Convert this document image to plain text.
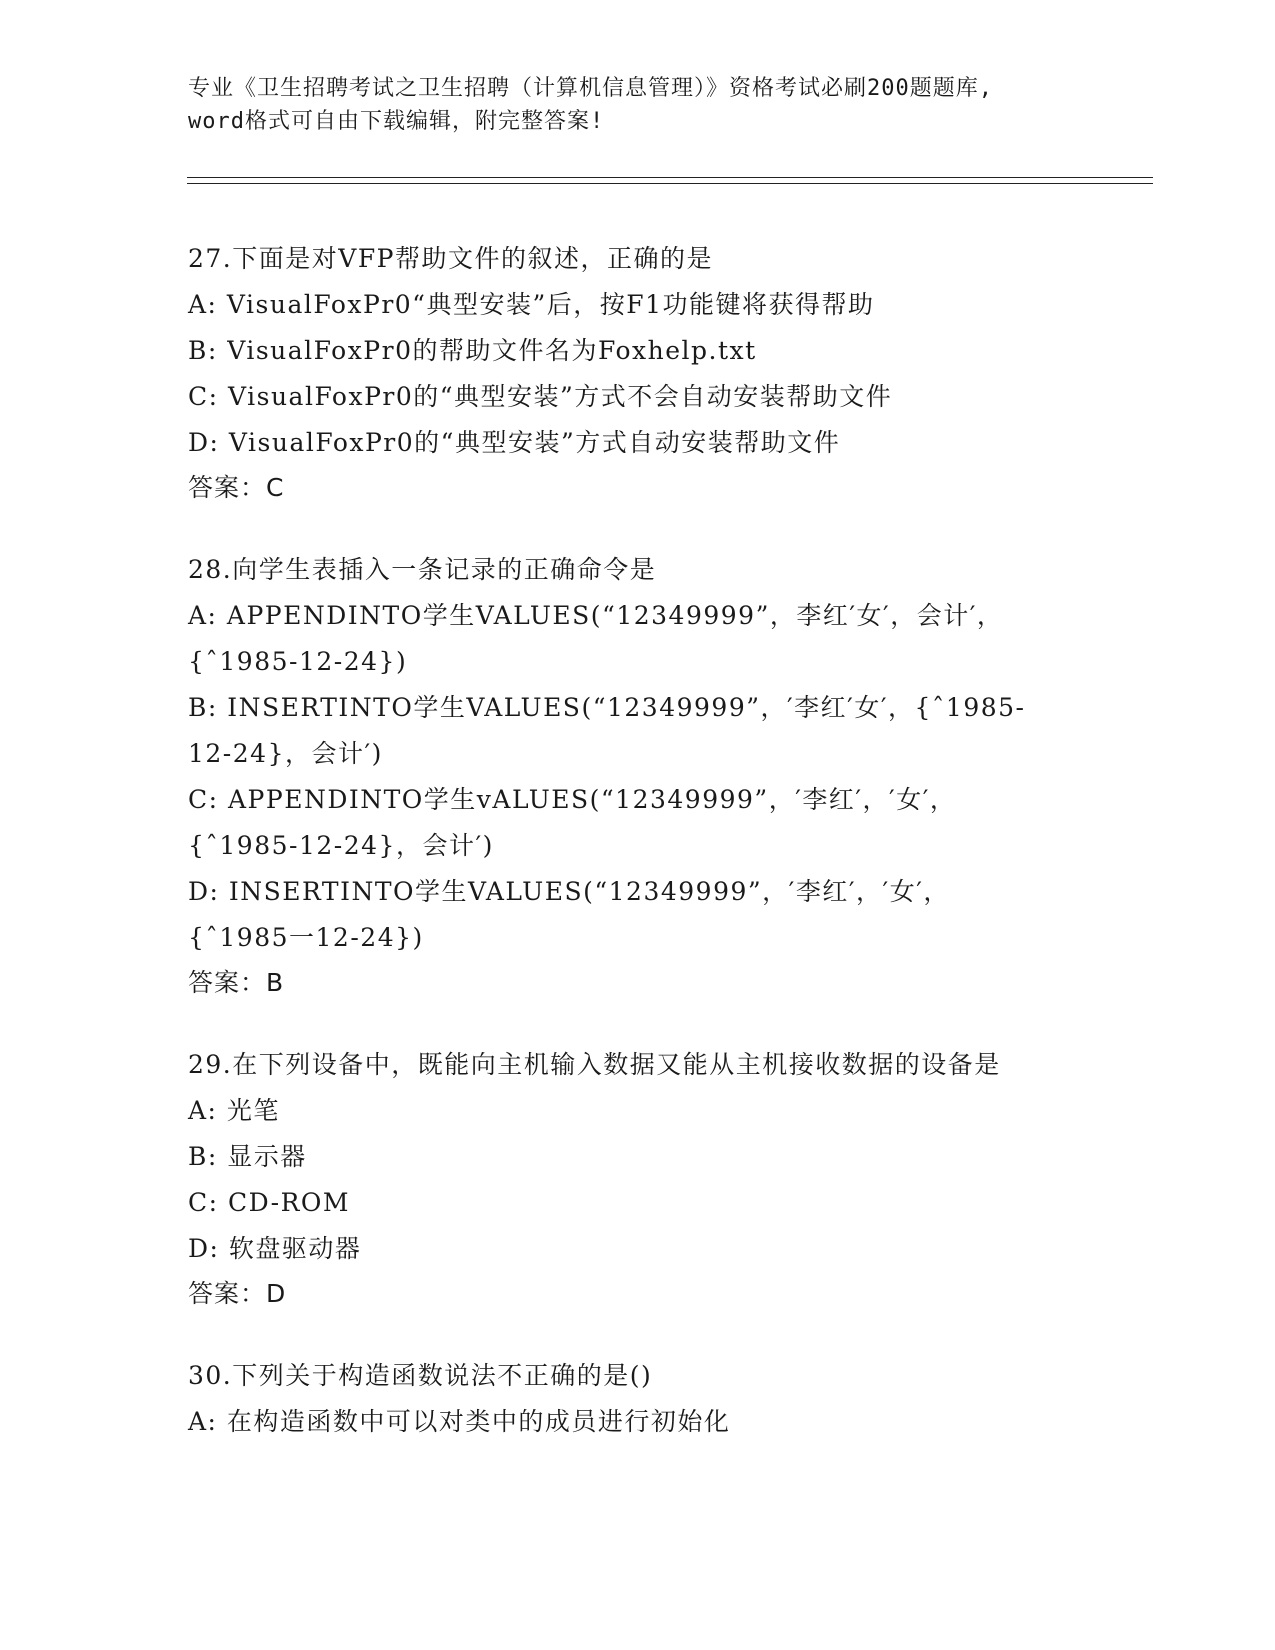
专业《卫生招聘考试之卫生招聘（计算机信息管理）》资格考试必刷200题题库,
word格式可自由下载编辑，附完整答案!
27.下面是对VFP帮助文件的叙述，正确的是
A: VisualFoxPr0“典型安装”后，按F1功能键将获得帮助
B: VisualFoxPr0的帮助文件名为Foxhelp.txt
C: VisualFoxPr0的“典型安装”方式不会自动安装帮助文件
D: VisualFoxPr0的“典型安装”方式自动安装帮助文件
答案：C
28.向学生表插入一条记录的正确命令是
A: APPENDINTO学生VALUES(“12349999”，李红′女′，会计′，
{ˆ1985-12-24})
B: INSERTINTO学生VALUES(“12349999”，′李红′女′，{ˆ1985-
12-24}，会计′)
C: APPENDINTO学生vALUES(“12349999”，′李红′，′女′，
{ˆ1985-12-24}，会计′)
D: INSERTINTO学生VALUES(“12349999”，′李红′，′女′，
{ˆ1985一12-24})
答案：B
29.在下列设备中，既能向主机输入数据又能从主机接收数据的设备是
A: 光笔
B: 显示器
C: CD-ROM
D: 软盘驱动器
答案：D
30.下列关于构造函数说法不正确的是()
A: 在构造函数中可以对类中的成员进行初始化
